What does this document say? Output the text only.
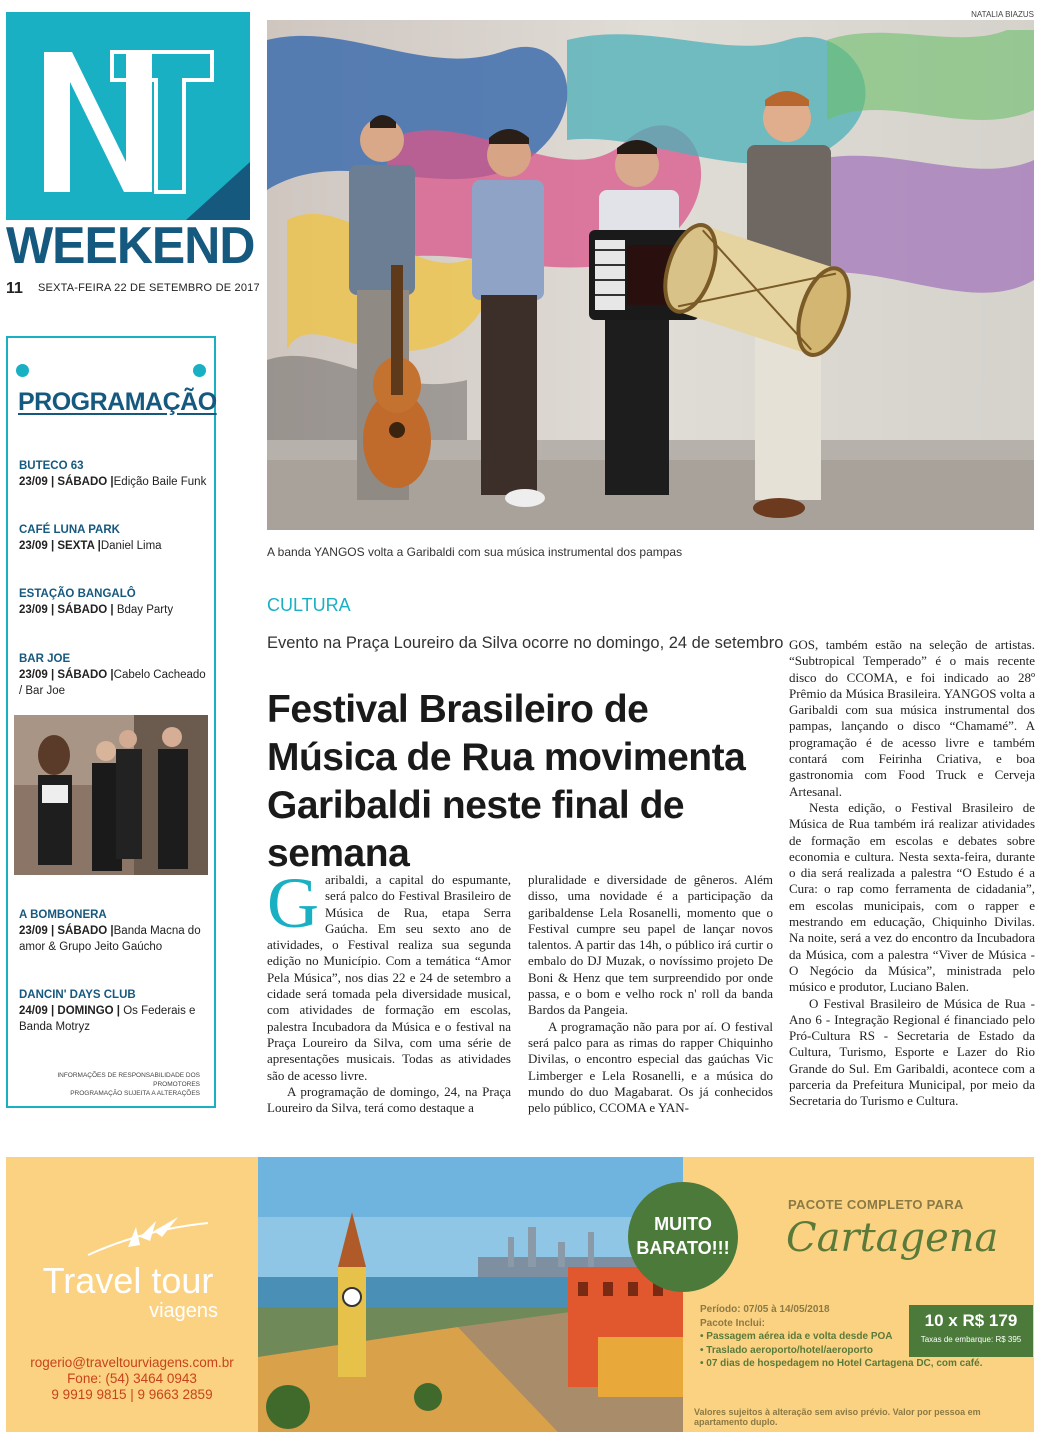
WEEKEND
11 SEXTA-FEIRA 22 DE SETEMBRO DE 2017
PROGRAMAÇÃO
BUTECO 63
23/09 | SÁBADO |Edição Baile Funk
CAFÉ LUNA PARK
23/09 | SEXTA |Daniel Lima
ESTAÇÃO BANGALÔ
23/09 | SÁBADO | Bday Party
BAR JOE
23/09 | SÁBADO |Cabelo Cacheado / Bar Joe
A BOMBONERA
23/09 | SÁBADO |Banda Macna do amor & Grupo Jeito Gaúcho
DANCIN' DAYS CLUB
24/09 | DOMINGO | Os Federais e Banda Motryz
INFORMAÇÕES DE RESPONSABILIDADE DOS PROMOTORES
PROGRAMAÇÃO SUJEITA A ALTERAÇÕES
NATALIA BIAZUS
A banda YANGOS volta a Garibaldi com sua música instrumental dos pampas
CULTURA
Evento na Praça Loureiro da Silva ocorre no domingo, 24 de setembro
Festival Brasileiro de Música de Rua movimenta Garibaldi neste final de semana

Garibaldi, a capital do espumante, será palco do Festival Brasileiro de Música de Rua, etapa Serra Gaúcha. Em seu sexto ano de atividades, o Festival realiza sua segunda edição no Município. Com a temática “Amor Pela Música”, nos dias 22 e 24 de setembro a cidade será tomada pela diversidade musical, com atividades de formação em escolas, palestra Incubadora da Música e o festival na Praça Loureiro da Silva, com uma série de apresentações musicais. Todas as atividades são de acesso livre.

A programação de domingo, 24, na Praça Loureiro da Silva, terá como destaque a

pluralidade e diversidade de gêneros. Além disso, uma novidade é a participação da garibaldense Lela Rosanelli, momento que o Festival cumpre seu papel de lançar novos talentos. A partir das 14h, o público irá curtir o embalo do DJ Muzak, o novíssimo projeto De Boni & Henz que tem surpreendido por onde passa, e o bom e velho rock n' roll da banda Bardos da Pangeia.

A programação não para por aí. O festival será palco para as rimas do rapper Chiquinho Divilas, o encontro especial das gaúchas Vic Limberger e Lela Rosanelli, e a música do mundo do duo Magabarat. Os já conhecidos pelo público, CCOMA e YAN-

GOS, também estão na seleção de artistas. “Subtropical Temperado” é o mais recente disco do CCOMA, e foi indicado ao 28º Prêmio da Música Brasileira. YANGOS volta a Garibaldi com sua música instrumental dos pampas, lançando o disco “Chamamé”. A programação é de acesso livre e também contará com Feirinha Criativa, e boa gastronomia com Food Truck e Cerveja Artesanal.

Nesta edição, o Festival Brasileiro de Música de Rua também irá realizar atividades de formação em escolas e debates sobre economia e cultura. Nesta sexta-feira, durante o dia será realizada a palestra “O Estudo é a Cura: o rap como ferramenta de cidadania”, em escolas municipais, com o rapper e mestrando em educação, Chiquinho Divilas. Na noite, será a vez do encontro da Incubadora da Música, com a palestra “Viver de Música - O Negócio da Música”, ministrada pelo músico e produtor, Luciano Balen.

O Festival Brasileiro de Música de Rua - Ano 6 - Integração Regional é financiado pelo Pró-Cultura RS - Secretaria de Estado da Cultura, Turismo, Esporte e Lazer do Rio Grande do Sul. Em Garibaldi, acontece com a parceria da Prefeitura Municipal, por meio da Secretaria do Turismo e Cultura.

Travel tour
viagens
rogerio@traveltourviagens.com.br
Fone: (54) 3464 0943
9 9919 9815 | 9 9663 2859
MUITO BARATO!!!
PACOTE COMPLETO PARA
Cartagena
Período: 07/05 à 14/05/2018
Pacote Inclui:
• Passagem aérea ida e volta desde POA
• Traslado aeroporto/hotel/aeroporto
• 07 dias de hospedagem no Hotel Cartagena DC, com café.
10 x R$ 179
Taxas de embarque: R$ 395
Valores sujeitos à alteração sem aviso prévio. Valor por pessoa em apartamento duplo.
